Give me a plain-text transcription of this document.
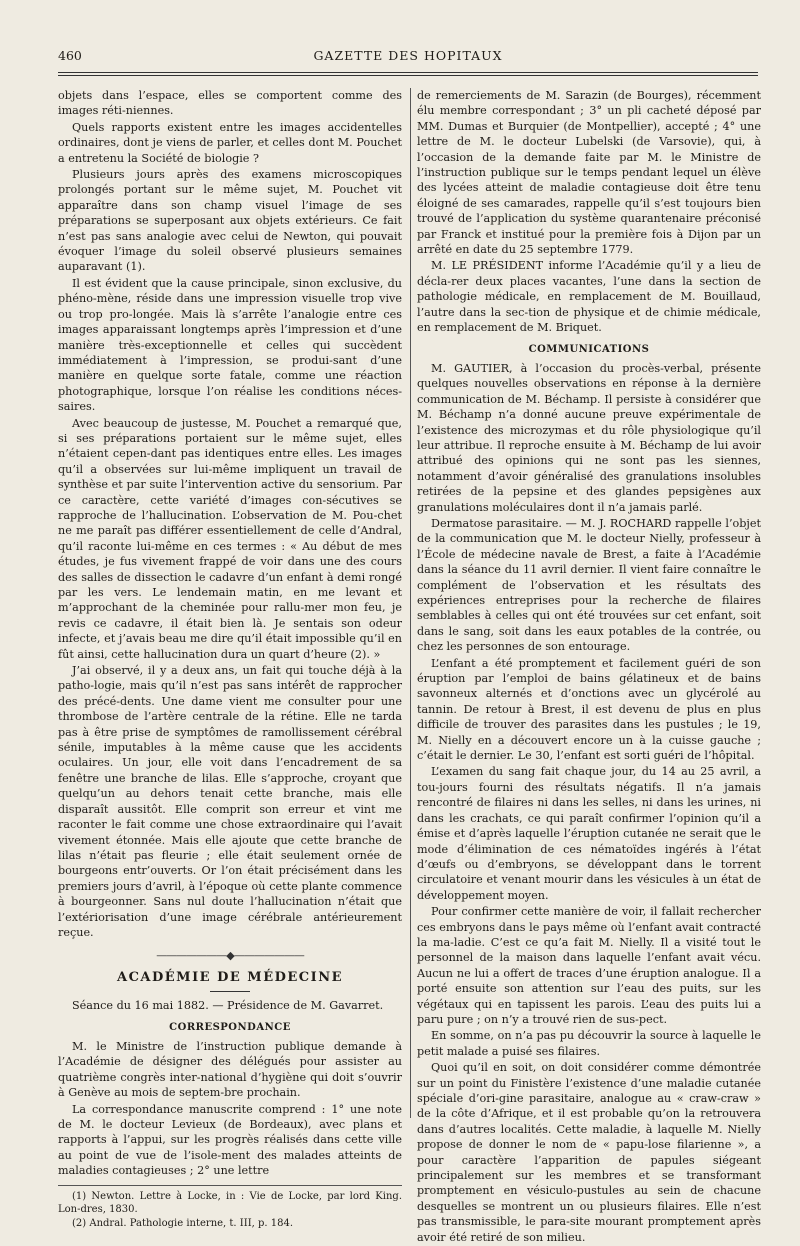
460	GAZETTE DES HOPITAUX

objets dans l’espace, elles se comportent comme des images réti-niennes.

Quels rapports existent entre les images accidentelles ordinaires, dont je viens de parler, et celles dont M. Pouchet a entretenu la Société de biologie ?

Plusieurs jours après des examens microscopiques prolongés portant sur le même sujet, M. Pouchet vit apparaître dans son champ visuel l’image de ses préparations se superposant aux objets extérieurs. Ce fait n’est pas sans analogie avec celui de Newton, qui pouvait évoquer l’image du soleil observé plusieurs semaines auparavant (1).

Il est évident que la cause principale, sinon exclusive, du phéno-mène, réside dans une impression visuelle trop vive ou trop pro-longée. Mais là s’arrête l’analogie entre ces images apparaissant longtemps après l’impression et d’une manière très-exceptionnelle et celles qui succèdent immédiatement à l’impression, se produi-sant d’une manière en quelque sorte fatale, comme une réaction photographique, lorsque l’on réalise les conditions néces-saires.

Avec beaucoup de justesse, M. Pouchet a remarqué que, si ses préparations portaient sur le même sujet, elles n’étaient cepen-dant pas identiques entre elles. Les images qu’il a observées sur lui-même impliquent un travail de synthèse et par suite l’intervention active du sensorium. Par ce caractère, cette variété d’images con-sécutives se rapproche de l’hallucination. L’observation de M. Pou-chet ne me paraît pas différer essentiellement de celle d’Andral, qu’il raconte lui-même en ces termes : « Au début de mes études, je fus vivement frappé de voir dans une des cours des salles de dissection le cadavre d’un enfant à demi rongé par les vers. Le lendemain matin, en me levant et m’approchant de la cheminée pour rallu-mer mon feu, je revis ce cadavre, il était bien là. Je sentais son odeur infecte, et j’avais beau me dire qu’il était impossible qu’il en fût ainsi, cette hallucination dura un quart d’heure (2). »

J’ai observé, il y a deux ans, un fait qui touche déjà à la patho-logie, mais qu’il n’est pas sans intérêt de rapprocher des précé-dents. Une dame vient me consulter pour une thrombose de l’artère centrale de la rétine. Elle ne tarda pas à être prise de symptômes de ramollissement cérébral sénile, imputables à la même cause que les accidents oculaires. Un jour, elle voit dans l’encadrement de sa fenêtre une branche de lilas. Elle s’approche, croyant que quelqu’un au dehors tenait cette branche, mais elle disparaît aussitôt. Elle comprit son erreur et vint me raconter le fait comme une chose extraordinaire qui l’avait vivement étonnée. Mais elle ajoute que cette branche de lilas n’était pas fleurie ; elle était seulement ornée de bourgeons entr’ouverts. Or l’on était précisément dans les premiers jours d’avril, à l’époque où cette plante commence à bourgeonner. Sans nul doute l’hallucination n’était que l’extériorisation d’une image cérébrale antérieurement reçue.

———————◆———————
ACADÉMIE DE MÉDECINE

Séance du 16 mai 1882. — Présidence de M. Gavarret.

CORRESPONDANCE

M. le Ministre de l’instruction publique demande à l’Académie de désigner des délégués pour assister au quatrième congrès inter-national d’hygiène qui doit s’ouvrir à Genève au mois de septem-bre prochain.

La correspondance manuscrite comprend : 1° une note de M. le docteur Levieux (de Bordeaux), avec plans et rapports à l’appui, sur les progrès réalisés dans cette ville au point de vue de l’isole-ment des malades atteints de maladies contagieuses ; 2° une lettre

(1) Newton. Lettre à Locke, in : Vie de Locke, par lord King. Lon-dres, 1830.

(2) Andral. Pathologie interne, t. III, p. 184.

de remerciements de M. Sarazin (de Bourges), récemment élu membre correspondant ; 3° un pli cacheté déposé par MM. Dumas et Burquier (de Montpellier), accepté ; 4° une lettre de M. le docteur Lubelski (de Varsovie), qui, à l’occasion de la demande faite par M. le Ministre de l’instruction publique sur le temps pendant lequel un élève des lycées atteint de maladie contagieuse doit être tenu éloigné de ses camarades, rappelle qu’il s’est toujours bien trouvé de l’application du système quarantenaire préconisé par Franck et institué pour la première fois à Dijon par un arrêté en date du 25 septembre 1779.

M. LE PRÉSIDENT informe l’Académie qu’il y a lieu de décla-rer deux places vacantes, l’une dans la section de pathologie médicale, en remplacement de M. Bouillaud, l’autre dans la sec-tion de physique et de chimie médicale, en remplacement de M. Briquet.

COMMUNICATIONS

M. GAUTIER, à l’occasion du procès-verbal, présente quelques nouvelles observations en réponse à la dernière communication de M. Béchamp. Il persiste à considérer que M. Béchamp n’a donné aucune preuve expérimentale de l’existence des microzymas et du rôle physiologique qu’il leur attribue. Il reproche ensuite à M. Béchamp de lui avoir attribué des opinions qui ne sont pas les siennes, notamment d’avoir généralisé des granulations insolubles retirées de la pepsine et des glandes pepsigènes aux granulations moléculaires dont il n’a jamais parlé.

Dermatose parasitaire. — M. J. ROCHARD rappelle l’objet de la communication que M. le docteur Nielly, professeur à l’École de médecine navale de Brest, a faite à l’Académie dans la séance du 11 avril dernier. Il vient faire connaître le complément de l’observation et les résultats des expériences entreprises pour la recherche de filaires semblables à celles qui ont été trouvées sur cet enfant, soit dans le sang, soit dans les eaux potables de la contrée, ou chez les personnes de son entourage.

L’enfant a été promptement et facilement guéri de son éruption par l’emploi de bains gélatineux et de bains savonneux alternés et d’onctions avec un glycérolé au tannin. De retour à Brest, il est devenu de plus en plus difficile de trouver des parasites dans les pustules ; le 19, M. Nielly en a découvert encore un à la cuisse gauche ; c’était le dernier. Le 30, l’enfant est sorti guéri de l’hôpital.

L’examen du sang fait chaque jour, du 14 au 25 avril, a tou-jours fourni des résultats négatifs. Il n’a jamais rencontré de filaires ni dans les selles, ni dans les urines, ni dans les crachats, ce qui paraît confirmer l’opinion qu’il a émise et d’après laquelle l’éruption cutanée ne serait que le mode d’élimination de ces nématoïdes ingérés à l’état d’œufs ou d’embryons, se développant dans le torrent circulatoire et venant mourir dans les vésicules à un état de développement moyen.

Pour confirmer cette manière de voir, il fallait rechercher ces embryons dans le pays même où l’enfant avait contracté la ma-ladie. C’est ce qu’a fait M. Nielly. Il a visité tout le personnel de la maison dans laquelle l’enfant avait vécu. Aucun ne lui a offert de traces d’une éruption analogue. Il a porté ensuite son attention sur l’eau des puits, sur les végétaux qui en tapissent les parois. L’eau des puits lui a paru pure ; on n’y a trouvé rien de sus-pect.

En somme, on n’a pas pu découvrir la source à laquelle le petit malade a puisé ses filaires.

Quoi qu’il en soit, on doit considérer comme démontrée sur un point du Finistère l’existence d’une maladie cutanée spéciale d’ori-gine parasitaire, analogue au « craw-craw » de la côte d’Afrique, et il est probable qu’on la retrouvera dans d’autres localités. Cette maladie, à laquelle M. Nielly propose de donner le nom de « papu-lose filarienne », a pour caractère l’apparition de papules siégeant principalement sur les membres et se transformant promptement en vésiculo-pustules au sein de chacune desquelles se montrent un ou plusieurs filaires. Elle n’est pas transmissible, le para-site mourant promptement après avoir été retiré de son milieu.
